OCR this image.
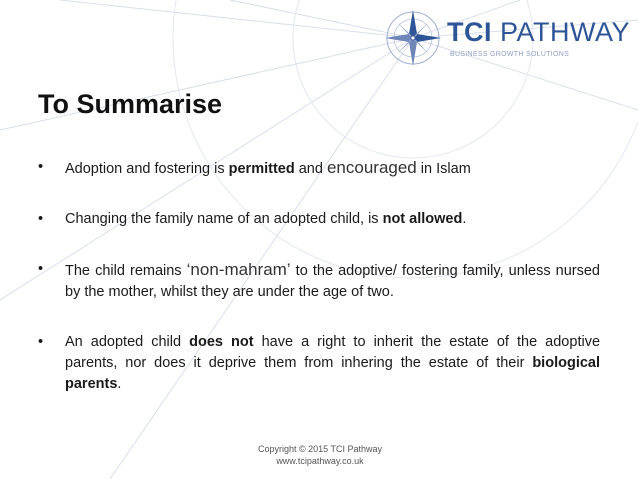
TCI PATHWAY
BUSINESS GROWTH SOLUTIONS
To Summarise
• Adoption and fostering is permitted and encouraged in Islam
• Changing the family name of an adopted child, is not allowed.
• The child remains ‘non-mahram’ to the adoptive/ fostering family, unless nursed by the mother, whilst they are under the age of two.
• An adopted child does not have a right to inherit the estate of the adoptive parents, nor does it deprive them from inhering the estate of their biological parents.
Copyright © 2015 TCI Pathway
www.tcipathway.co.uk
